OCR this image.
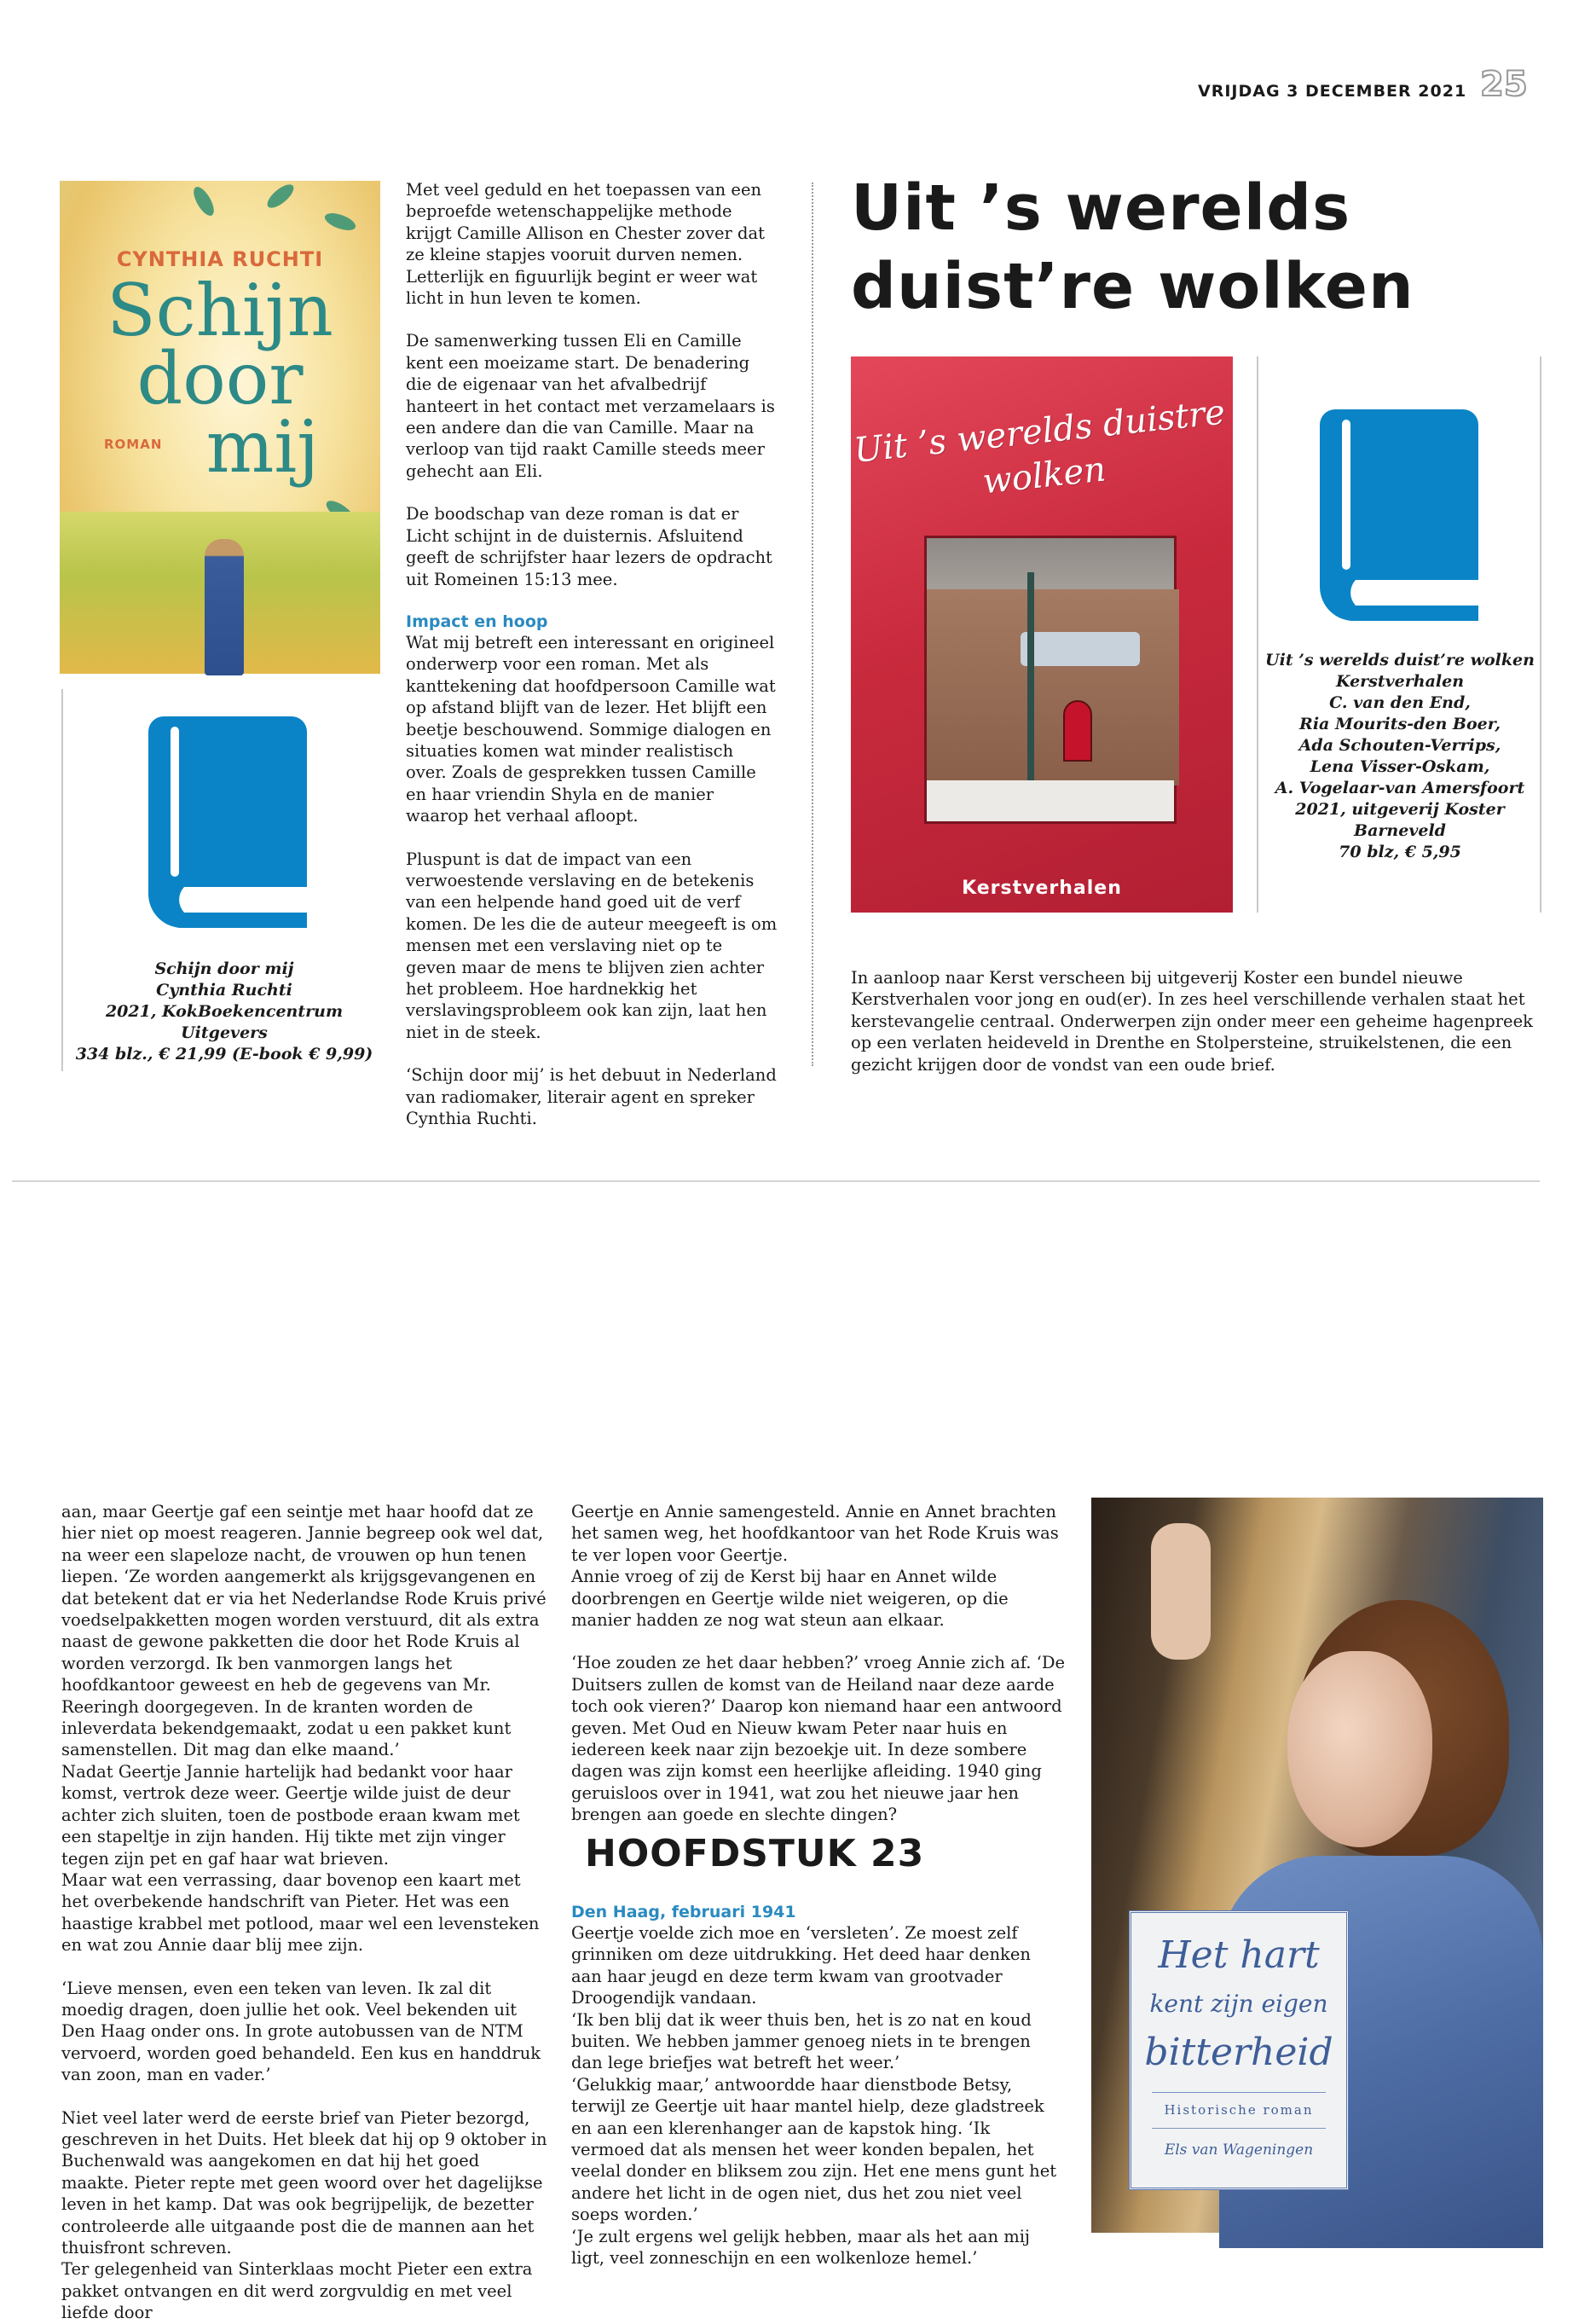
VRIJDAG 3 DECEMBER 2021 25
CYNTHIA RUCHTI
Schijn
door
mij
ROMAN
Schijn door mij
Cynthia Ruchti
2021, KokBoekencentrum Uitgevers
334 blz., € 21,99 (E-book € 9,99)

Met veel geduld en het toepassen van een beproefde wetenschappelijke methode krijgt Camille Allison en Chester zover dat ze kleine stapjes vooruit durven nemen. Letterlijk en figuurlijk begint er weer wat licht in hun leven te komen.

De samenwerking tussen Eli en Camille kent een moeizame start. De benadering die de eigenaar van het afvalbedrijf hanteert in het contact met verzamelaars is een andere dan die van Camille. Maar na verloop van tijd raakt Camille steeds meer gehecht aan Eli.

De boodschap van deze roman is dat er Licht schijnt in de duisternis. Afsluitend geeft de schrijfster haar lezers de opdracht uit Romeinen 15:13 mee.

Impact en hoop

Wat mij betreft een interessant en origineel onderwerp voor een roman. Met als kanttekening dat hoofdpersoon Camille wat op afstand blijft van de lezer. Het blijft een beetje beschouwend. Sommige dialogen en situaties komen wat minder realistisch over. Zoals de gesprekken tussen Camille en haar vriendin Shyla en de manier waarop het verhaal afloopt.

Pluspunt is dat de impact van een verwoestende verslaving en de betekenis van een helpende hand goed uit de verf komen. De les die de auteur meegeeft is om mensen met een verslaving niet op te geven maar de mens te blijven zien achter het probleem. Hoe hardnekkig het verslavingsprobleem ook kan zijn, laat hen niet in de steek.

‘Schijn door mij’ is het debuut in Nederland van radiomaker, literair agent en spreker Cynthia Ruchti.

Uit ’s werelds duist’re wolken
Uit ’s werelds duistre wolken
Kerstverhalen
Uit ’s werelds duist’re wolken
Kerstverhalen
C. van den End,
Ria Mourits-den Boer,
Ada Schouten-Verrips,
Lena Visser-Oskam,
A. Vogelaar-van Amersfoort
2021, uitgeverij Koster
Barneveld
70 blz, € 5,95

In aanloop naar Kerst verscheen bij uitgeverij Koster een bundel nieuwe Kerstverhalen voor jong en oud(er). In zes heel verschillende verhalen staat het kerstevangelie centraal. Onderwerpen zijn onder meer een geheime hagenpreek op een verlaten heideveld in Drenthe en Stolpersteine, struikelstenen, die een gezicht krijgen door de vondst van een oude brief.

aan, maar Geertje gaf een seintje met haar hoofd dat ze hier niet op moest reageren. Jannie begreep ook wel dat, na weer een slapeloze nacht, de vrouwen op hun tenen liepen. ‘Ze worden aangemerkt als krijgsgevangenen en dat betekent dat er via het Nederlandse Rode Kruis privé voedselpakketten mogen worden verstuurd, dit als extra naast de gewone pakketten die door het Rode Kruis al worden verzorgd. Ik ben vanmorgen langs het hoofdkantoor geweest en heb de gegevens van Mr. Reeringh doorgegeven. In de kranten worden de inleverdata bekendgemaakt, zodat u een pakket kunt samenstellen. Dit mag dan elke maand.’

Nadat Geertje Jannie hartelijk had bedankt voor haar komst, vertrok deze weer. Geertje wilde juist de deur achter zich sluiten, toen de postbode eraan kwam met een stapeltje in zijn handen. Hij tikte met zijn vinger tegen zijn pet en gaf haar wat brieven.

Maar wat een verrassing, daar bovenop een kaart met het overbekende handschrift van Pieter. Het was een haastige krabbel met potlood, maar wel een levensteken en wat zou Annie daar blij mee zijn.

‘Lieve mensen, even een teken van leven. Ik zal dit moedig dragen, doen jullie het ook. Veel bekenden uit Den Haag onder ons. In grote autobussen van de NTM vervoerd, worden goed behandeld. Een kus en handdruk van zoon, man en vader.’

Niet veel later werd de eerste brief van Pieter bezorgd, geschreven in het Duits. Het bleek dat hij op 9 oktober in Buchenwald was aangekomen en dat hij het goed maakte. Pieter repte met geen woord over het dagelijkse leven in het kamp. Dat was ook begrijpelijk, de bezetter controleerde alle uitgaande post die de mannen aan het thuisfront schreven.

Ter gelegenheid van Sinterklaas mocht Pieter een extra pakket ontvangen en dit werd zorgvuldig en met veel liefde door

Geertje en Annie samengesteld. Annie en Annet brachten het samen weg, het hoofdkantoor van het Rode Kruis was te ver lopen voor Geertje.

Annie vroeg of zij de Kerst bij haar en Annet wilde doorbrengen en Geertje wilde niet weigeren, op die manier hadden ze nog wat steun aan elkaar.

‘Hoe zouden ze het daar hebben?’ vroeg Annie zich af. ‘De Duitsers zullen de komst van de Heiland naar deze aarde toch ook vieren?’ Daarop kon niemand haar een antwoord geven. Met Oud en Nieuw kwam Peter naar huis en iedereen keek naar zijn bezoekje uit. In deze sombere dagen was zijn komst een heerlijke afleiding. 1940 ging geruisloos over in 1941, wat zou het nieuwe jaar hen brengen aan goede en slechte dingen?

HOOFDSTUK 23
Den Haag, februari 1941

Geertje voelde zich moe en ‘versleten’. Ze moest zelf grinniken om deze uitdrukking. Het deed haar denken aan haar jeugd en deze term kwam van grootvader Droogendijk vandaan.

‘Ik ben blij dat ik weer thuis ben, het is zo nat en koud buiten. We hebben jammer genoeg niets in te brengen dan lege briefjes wat betreft het weer.’

‘Gelukkig maar,’ antwoordde haar dienstbode Betsy, terwijl ze Geertje uit haar mantel hielp, deze gladstreek en aan een klerenhanger aan de kapstok hing. ‘Ik vermoed dat als mensen het weer konden bepalen, het veelal donder en bliksem zou zijn. Het ene mens gunt het andere het licht in de ogen niet, dus het zou niet veel soeps worden.’

‘Je zult ergens wel gelijk hebben, maar als het aan mij ligt, veel zonneschijn en een wolkenloze hemel.’

Het hart
kent zijn eigen
bitterheid
Historische roman
Els van Wageningen
